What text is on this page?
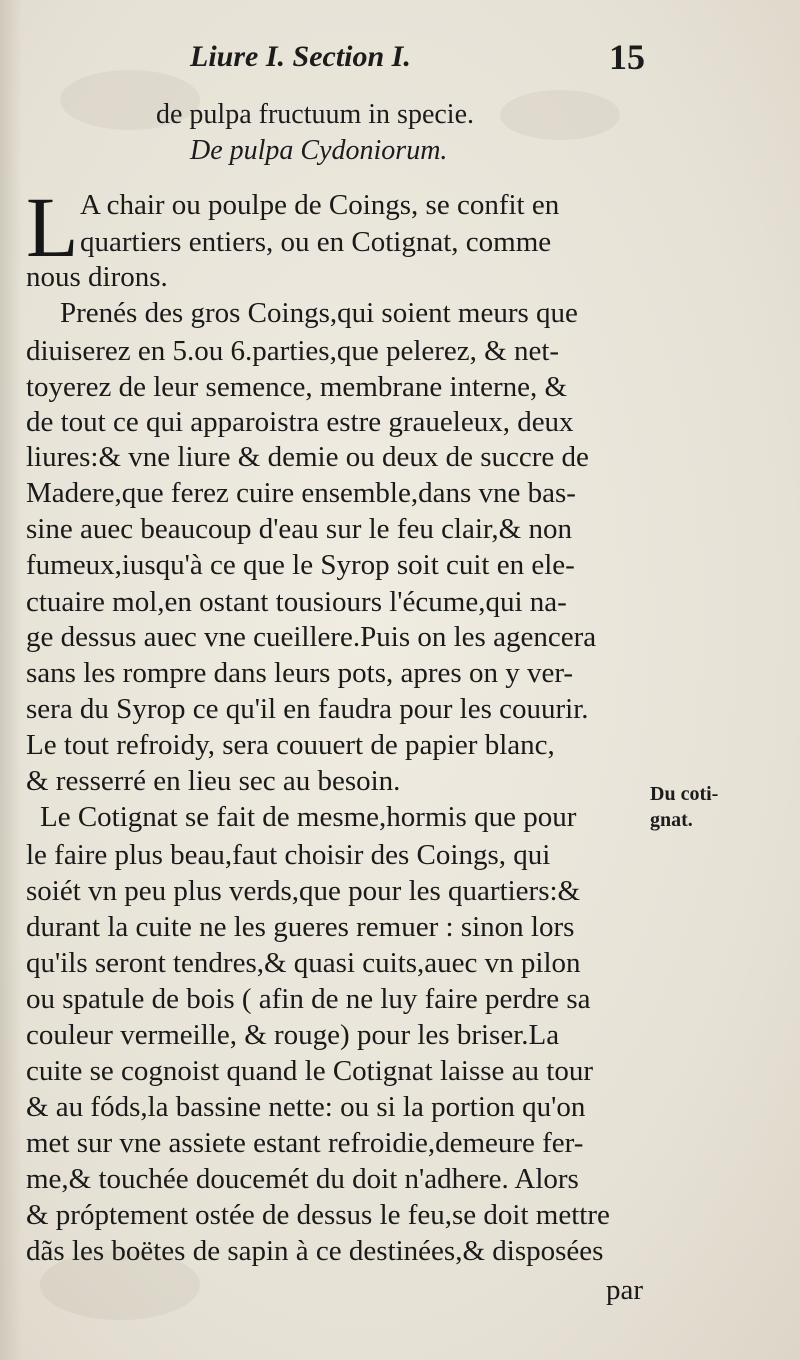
Liure I. Section I.	15
de pulpa fructuum in specie.
De pulpa Cydoniorum.
L A chair ou poulpe de Coings, se confit en
quartiers entiers, ou en Cotignat, comme
nous dirons.
Prenés des gros Coings,qui soient meurs que
diuiserez en 5.ou 6.parties,que pelerez, & net-
toyerez de leur semence, membrane interne, &
de tout ce qui apparoistra estre graueleux, deux
liures:& vne liure & demie ou deux de succre de
Madere,que ferez cuire ensemble,dans vne bas-
sine auec beaucoup d'eau sur le feu clair,& non
fumeux,iusqu'à ce que le Syrop soit cuit en ele-
ctuaire mol,en ostant tousiours l'écume,qui na-
ge dessus auec vne cueillere.Puis on les agencera
sans les rompre dans leurs pots, apres on y ver-
sera du Syrop ce qu'il en faudra pour les couurir.
Le tout refroidy, sera couuert de papier blanc,
& resserré en lieu sec au besoin.
Le Cotignat se fait de mesme,hormis que pour
le faire plus beau,faut choisir des Coings, qui
soiét vn peu plus verds,que pour les quartiers:&
durant la cuite ne les gueres remuer : sinon lors
qu'ils seront tendres,& quasi cuits,auec vn pilon
ou spatule de bois ( afin de ne luy faire perdre sa
couleur vermeille, & rouge) pour les briser.La
cuite se cognoist quand le Cotignat laisse au tour
& au fóds,la bassine nette: ou si la portion qu'on
met sur vne assiete estant refroidie,demeure fer-
me,& touchée doucemét du doit n'adhere. Alors
& próptement ostée de dessus le feu,se doit mettre
dãs les boëtes de sapin à ce destinées,& disposées
Du coti-
gnat.
par
